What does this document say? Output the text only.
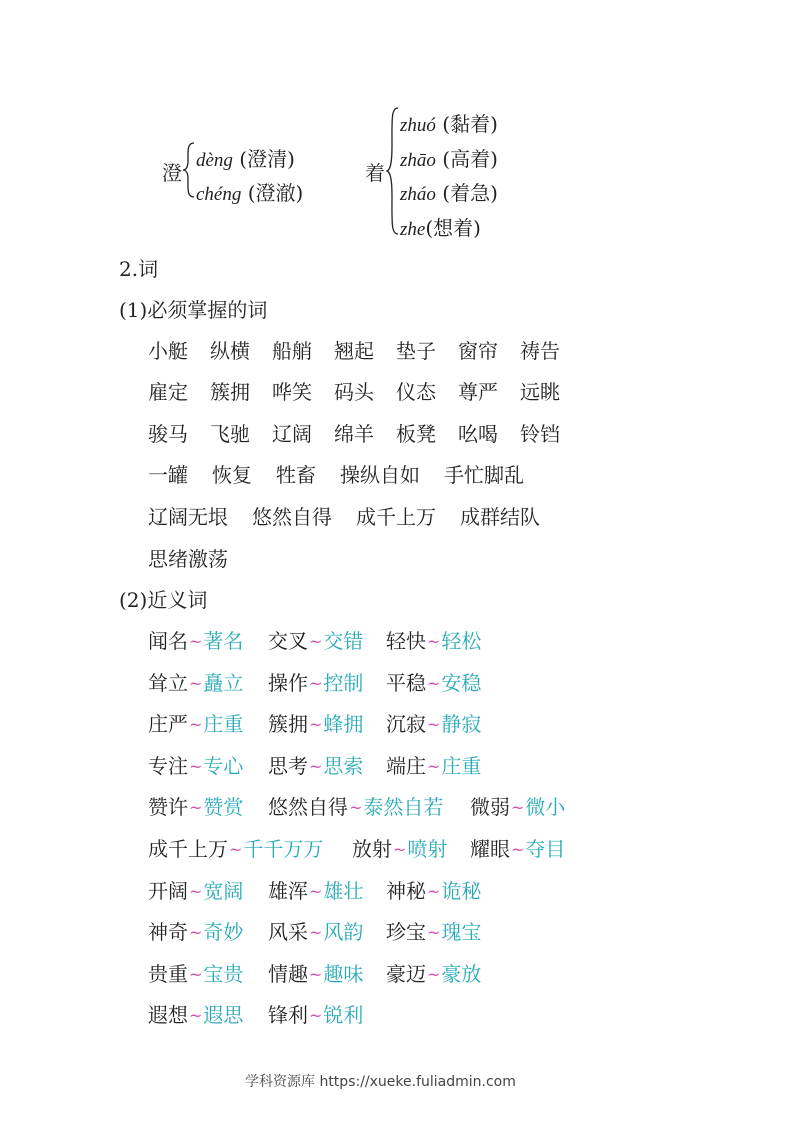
澄
dèng (澄清)
chéng (澄澈)
着
zhuó (黏着)
zhāo (高着)
zháo (着急)
zhe(想着)
2.词
(1)必须掌握的词
小艇 纵横 船艄 翘起 垫子 窗帘 祷告
雇定 簇拥 哗笑 码头 仪态 尊严 远眺
骏马 飞驰 辽阔 绵羊 板凳 吆喝 铃铛
一罐 恢复 牲畜 操纵自如 手忙脚乱
辽阔无垠 悠然自得 成千上万 成群结队
思绪激荡
(2)近义词
闻名~著名 交叉~交错 轻快~轻松
耸立~矗立 操作~控制 平稳~安稳
庄严~庄重 簇拥~蜂拥 沉寂~静寂
专注~专心 思考~思索 端庄~庄重
赞许~赞赏 悠然自得~泰然自若 微弱~微小
成千上万~千千万万 放射~喷射 耀眼~夺目
开阔~宽阔 雄浑~雄壮 神秘~诡秘
神奇~奇妙 风采~风韵 珍宝~瑰宝
贵重~宝贵 情趣~趣味 豪迈~豪放
遐想~遐思 锋利~锐利
学科资源库 https://xueke.fuliadmin.com
